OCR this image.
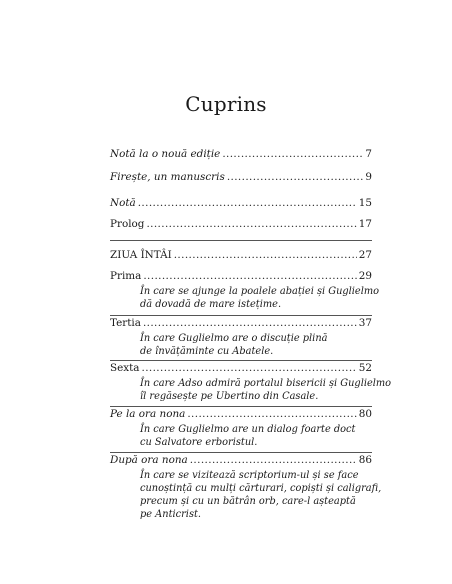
Cuprins
Notă la o nouă ediție .....	7
Firește, un manuscris .....	9
Notă .....	15
Prolog .....	17
ZIUA ÎNTÂI .....	27
Prima .....	29
În care se ajunge la poalele abației și Guglielmo
dă dovadă de mare istețime.
Tertia .....	37
În care Guglielmo are o discuție plină
de învățăminte cu Abatele.
Sexta .....	52
În care Adso admiră portalul bisericii și Guglielmo
îl regăsește pe Ubertino din Casale.
Pe la ora nona .....	80
În care Guglielmo are un dialog foarte doct
cu Salvatore erboristul.
După ora nona .....	86
În care se vizitează scriptorium-ul și se face
cunoștință cu mulți cărturari, copiști și caligrafi,
precum și cu un bătrân orb, care-l așteaptă
pe Anticrist.
